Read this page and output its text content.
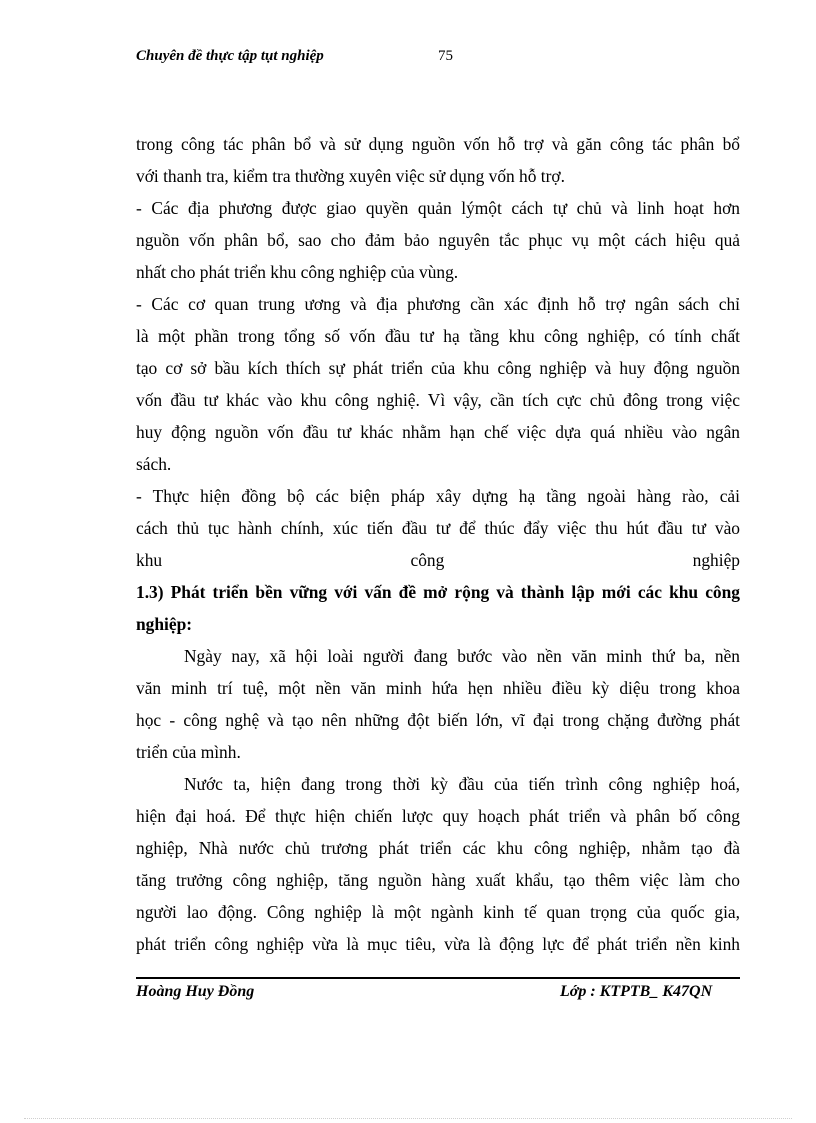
Chuyên đề thực tập tụt nghiệp	75
trong công tác phân bổ và sử dụng nguồn vốn hỗ trợ và găn công tác phân bổ
với thanh tra, kiểm tra thường xuyên việc sử dụng vốn hỗ trợ.
- Các địa phương được giao quyền quản lýmột cách tự chủ và linh hoạt hơn
nguồn vốn phân bổ, sao cho đảm bảo nguyên tắc phục vụ một cách hiệu quả
nhất cho phát triển khu công nghiệp của vùng.
- Các cơ quan trung ương và địa phương cần xác định hỗ trợ ngân sách chỉ
là một phần trong tổng số vốn đầu tư hạ tầng khu công nghiệp, có tính chất
tạo cơ sở bầu kích thích sự phát triển của khu công nghiệp và huy động nguồn
vốn đầu tư khác vào khu công nghiệ. Vì vậy, cần tích cực chủ đông trong việc
huy động nguồn vốn đầu tư khác nhằm hạn chế việc dựa quá nhiều vào ngân
sách.
- Thực hiện đồng bộ các biện pháp xây dựng hạ tầng ngoài hàng rào, cải
cách thủ tục hành chính, xúc tiến đầu tư để thúc đẩy việc thu hút đầu tư vào
khu công nghiệp
1.3) Phát triển bền vững với vấn đề mở rộng và thành lập mới các khu công
nghiệp:
Ngày nay, xã hội loài người đang bước vào nền văn minh thứ ba, nền
văn minh trí tuệ, một nền văn minh hứa hẹn nhiều điều kỳ diệu trong khoa
học - công nghệ và tạo nên những đột biến lớn, vĩ đại trong chặng đường phát
triển của mình.
Nước ta, hiện đang trong thời kỳ đầu của tiến trình công nghiệp hoá,
hiện đại hoá. Để thực hiện chiến lược quy hoạch phát triển và phân bố công
nghiệp, Nhà nước chủ trương phát triển các khu công nghiệp, nhằm tạo đà
tăng trưởng công nghiệp, tăng nguồn hàng xuất khẩu, tạo thêm việc làm cho
người lao động. Công nghiệp là một ngành kinh tế quan trọng của quốc gia,
phát triển công nghiệp vừa là mục tiêu, vừa là động lực để phát triển nền kinh
Hoàng Huy Đồng	Lớp : KTPTB_ K47QN
